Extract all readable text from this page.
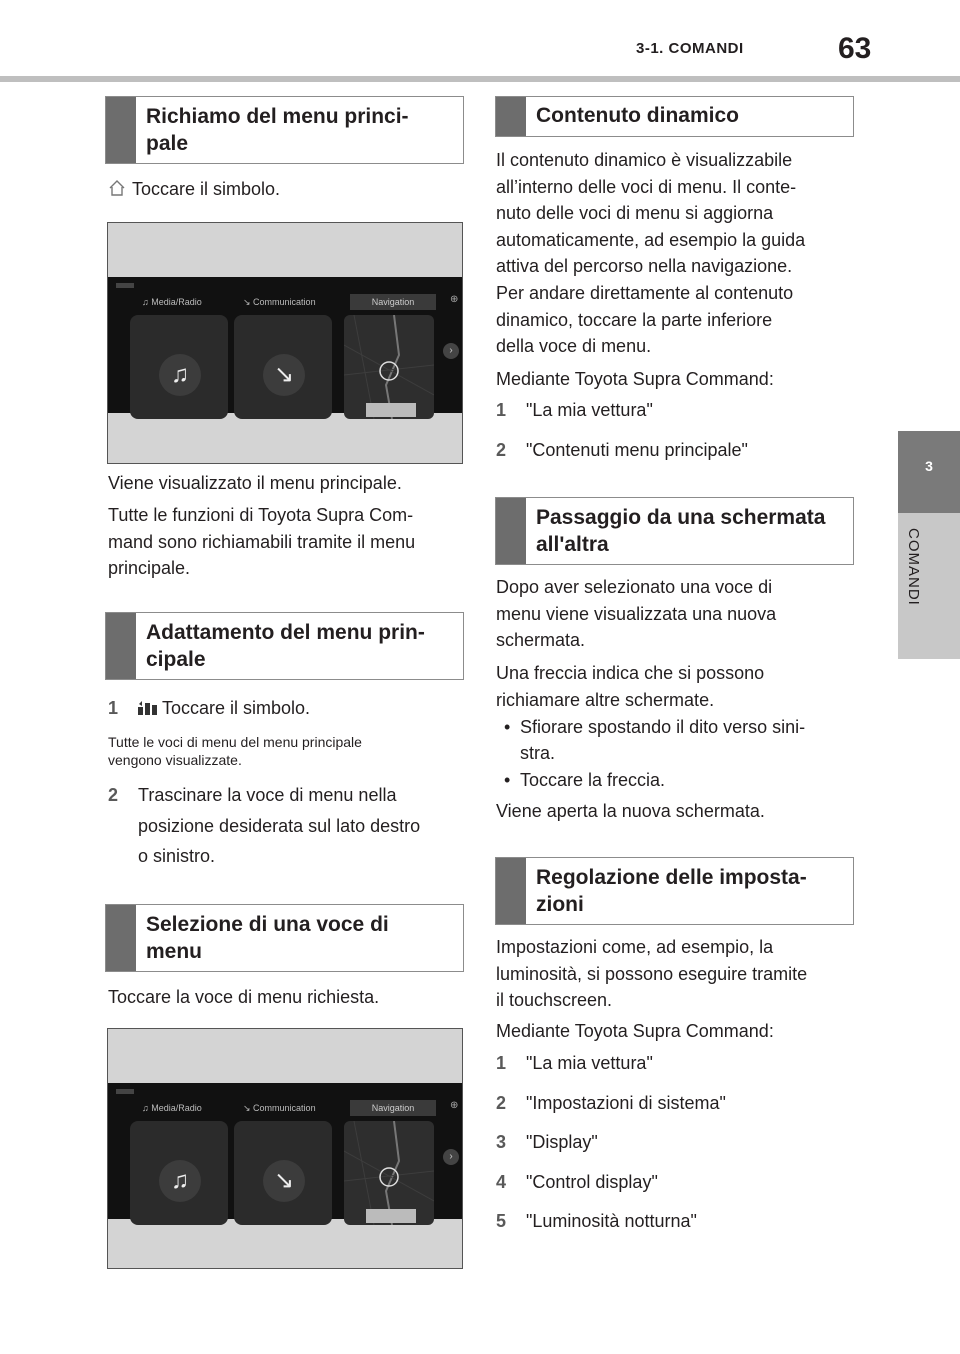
3-1. COMANDI	63
3
COMANDI
Richiamo del menu princi-
pale
Toccare il simbolo.
♫ Media/Radio	↘ Communication	Navigation	⊕
♫	↘
›
Viene visualizzato il menu principale.
Tutte le funzioni di Toyota Supra Com-
mand sono richiamabili tramite il menu
principale.
Adattamento del menu prin-
cipale
1	Toccare il simbolo.
Tutte le voci di menu del menu principale
vengono visualizzate.
2 Trascinare la voce di menu nella
posizione desiderata sul lato destro
o sinistro.
Selezione di una voce di
menu
Toccare la voce di menu richiesta.
♫ Media/Radio	↘ Communication	Navigation	⊕
♫	↘
›
Contenuto dinamico
Il contenuto dinamico è visualizzabile
all’interno delle voci di menu. Il conte-
nuto delle voci di menu si aggiorna
automaticamente, ad esempio la guida
attiva del percorso nella navigazione.
Per andare direttamente al contenuto
dinamico, toccare la parte inferiore
della voce di menu.
Mediante Toyota Supra Command:
1 "La mia vettura"
2 "Contenuti menu principale"
Passaggio da una schermata
all'altra
Dopo aver selezionato una voce di
menu viene visualizzata una nuova
schermata.
Una freccia indica che si possono
richiamare altre schermate.
• Sfiorare spostando il dito verso sini-
stra.
• Toccare la freccia.
Viene aperta la nuova schermata.
Regolazione delle imposta-
zioni
Impostazioni come, ad esempio, la
luminosità, si possono eseguire tramite
il touchscreen.
Mediante Toyota Supra Command:
1 "La mia vettura"
2 "Impostazioni di sistema"
3 "Display"
4 "Control display"
5 "Luminosità notturna"
